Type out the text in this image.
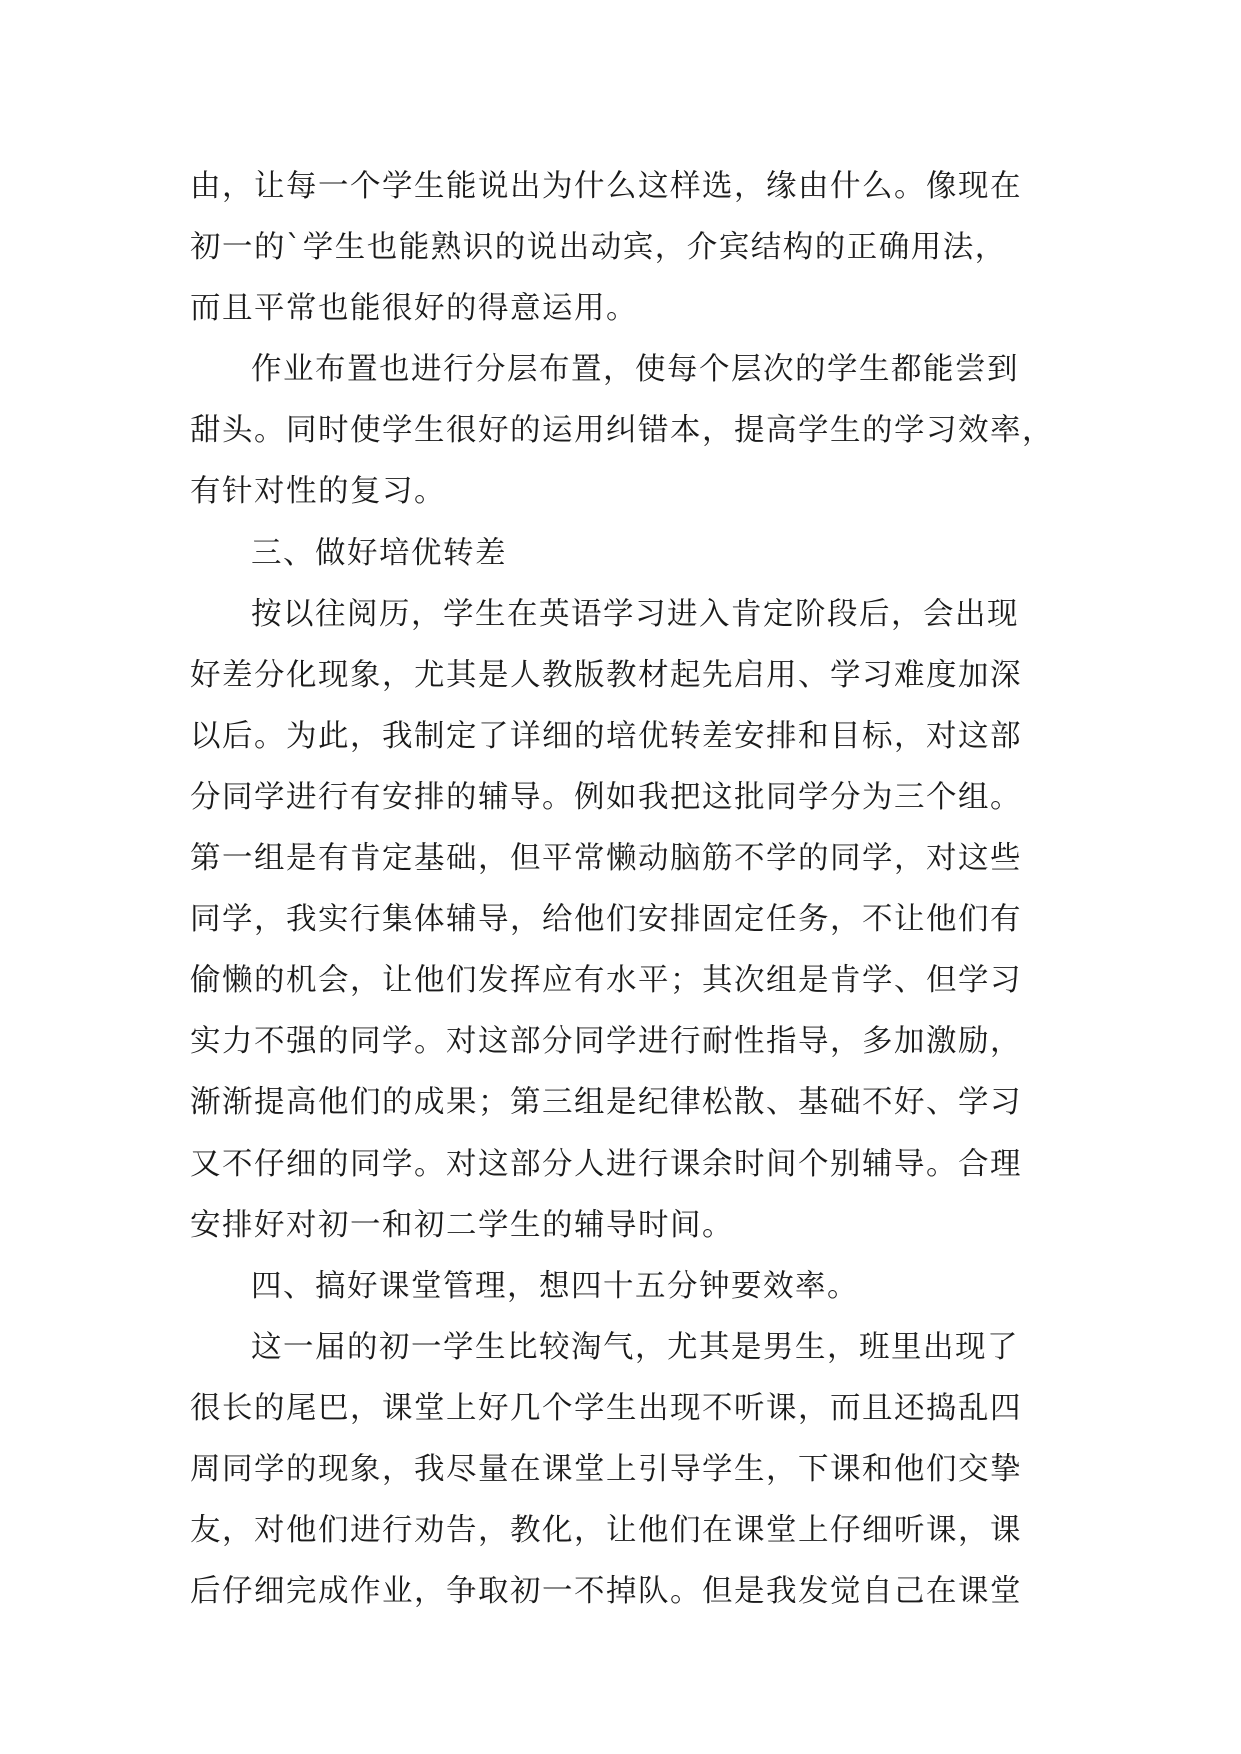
由，让每一个学生能说出为什么这样选，缘由什么。像现在
初一的`学生也能熟识的说出动宾，介宾结构的正确用法，
而且平常也能很好的得意运用。
作业布置也进行分层布置，使每个层次的学生都能尝到
甜头。同时使学生很好的运用纠错本，提高学生的学习效率，
有针对性的复习。
三、做好培优转差
按以往阅历，学生在英语学习进入肯定阶段后，会出现
好差分化现象，尤其是人教版教材起先启用、学习难度加深
以后。为此，我制定了详细的培优转差安排和目标，对这部
分同学进行有安排的辅导。例如我把这批同学分为三个组。
第一组是有肯定基础，但平常懒动脑筋不学的同学，对这些
同学，我实行集体辅导，给他们安排固定任务，不让他们有
偷懒的机会，让他们发挥应有水平；其次组是肯学、但学习
实力不强的同学。对这部分同学进行耐性指导，多加激励，
渐渐提高他们的成果；第三组是纪律松散、基础不好、学习
又不仔细的同学。对这部分人进行课余时间个别辅导。合理
安排好对初一和初二学生的辅导时间。
四、搞好课堂管理，想四十五分钟要效率。
这一届的初一学生比较淘气，尤其是男生，班里出现了
很长的尾巴，课堂上好几个学生出现不听课，而且还捣乱四
周同学的现象，我尽量在课堂上引导学生，下课和他们交挚
友，对他们进行劝告，教化，让他们在课堂上仔细听课，课
后仔细完成作业，争取初一不掉队。但是我发觉自己在课堂
